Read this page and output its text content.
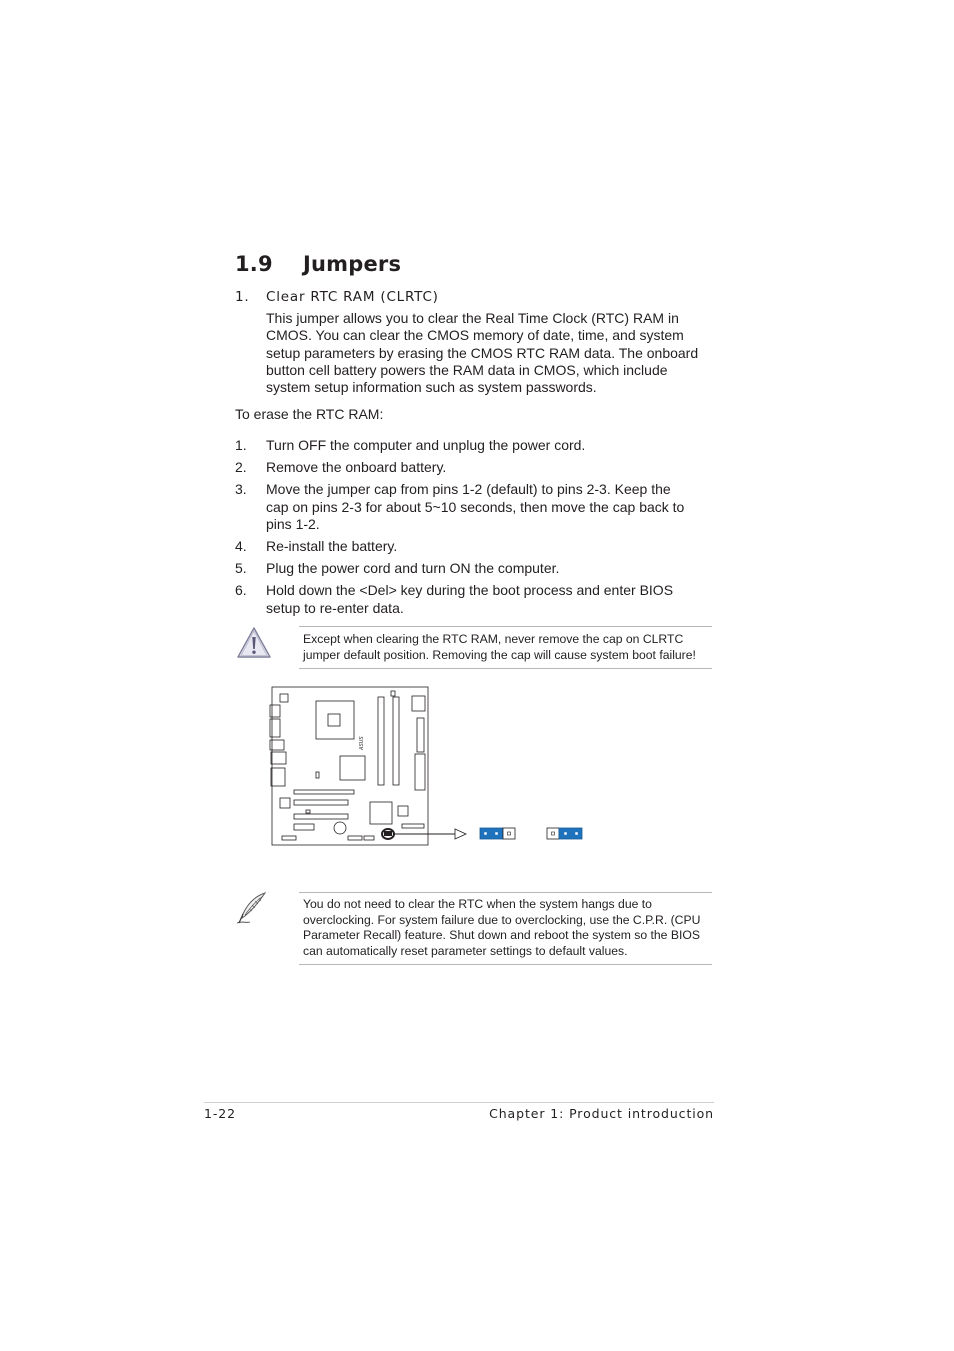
1.9 Jumpers
1. Clear RTC RAM (CLRTC)
This jumper allows you to clear the Real Time Clock (RTC) RAM in
CMOS. You can clear the CMOS memory of date, time, and system
setup parameters by erasing the CMOS RTC RAM data. The onboard
button cell battery powers the RAM data in CMOS, which include
system setup information such as system passwords.
To erase the RTC RAM:
1.	Turn OFF the computer and unplug the power cord.
2.	Remove the onboard battery.
3.	Move the jumper cap from pins 1-2 (default) to pins 2-3. Keep the
cap on pins 2-3 for about 5~10 seconds, then move the cap back to
pins 1-2.
4.	Re-install the battery.
5.	Plug the power cord and turn ON the computer.
6.	Hold down the <Del> key during the boot process and enter BIOS
setup to re-enter data.
Except when clearing the RTC RAM, never remove the cap on CLRTC
jumper default position. Removing the cap will cause system boot failure!
ASUS
You do not need to clear the RTC when the system hangs due to
overclocking. For system failure due to overclocking, use the C.P.R. (CPU
Parameter Recall) feature. Shut down and reboot the system so the BIOS
can automatically reset parameter settings to default values.
1-22	Chapter 1: Product introduction
